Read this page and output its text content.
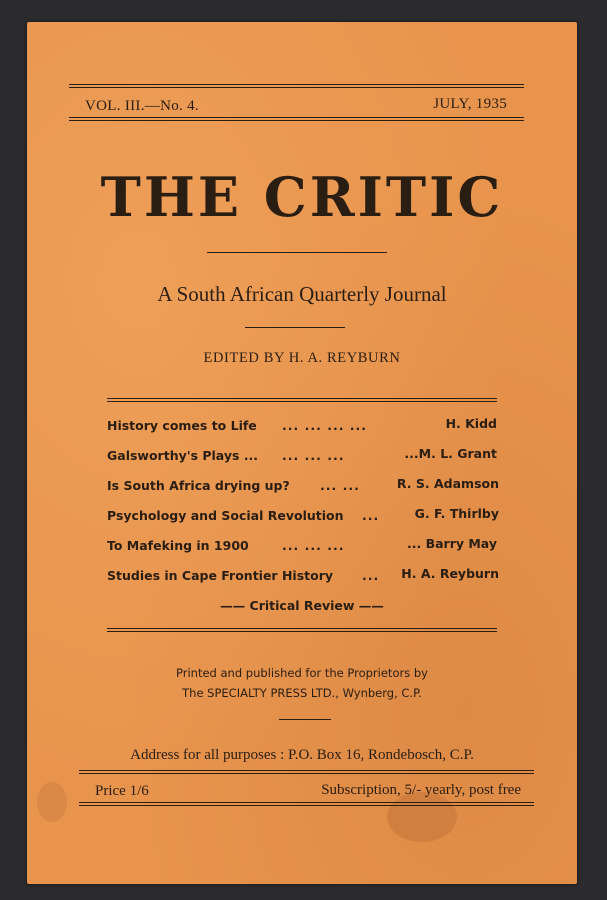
VOL. III.—No. 4.	JULY, 1935
THE CRITIC
A South African Quarterly Journal
EDITED BY H. A. REYBURN
History comes to Life ... ... ... ...	H. Kidd
Galsworthy's Plays ... ... ... ...	...M. L. Grant
Is South Africa drying up? ... ...	R. S. Adamson
Psychology and Social Revolution ...	G. F. Thirlby
To Mafeking in 1900	... ... ...	... Barry May
Studies in Cape Frontier History ... H. A. Reyburn
—— Critical Review ——
Printed and published for the Proprietors by
The SPECIALTY PRESS LTD., Wynberg, C.P.
Address for all purposes : P.O. Box 16, Rondebosch, C.P.
Price 1/6	Subscription, 5/- yearly, post free
